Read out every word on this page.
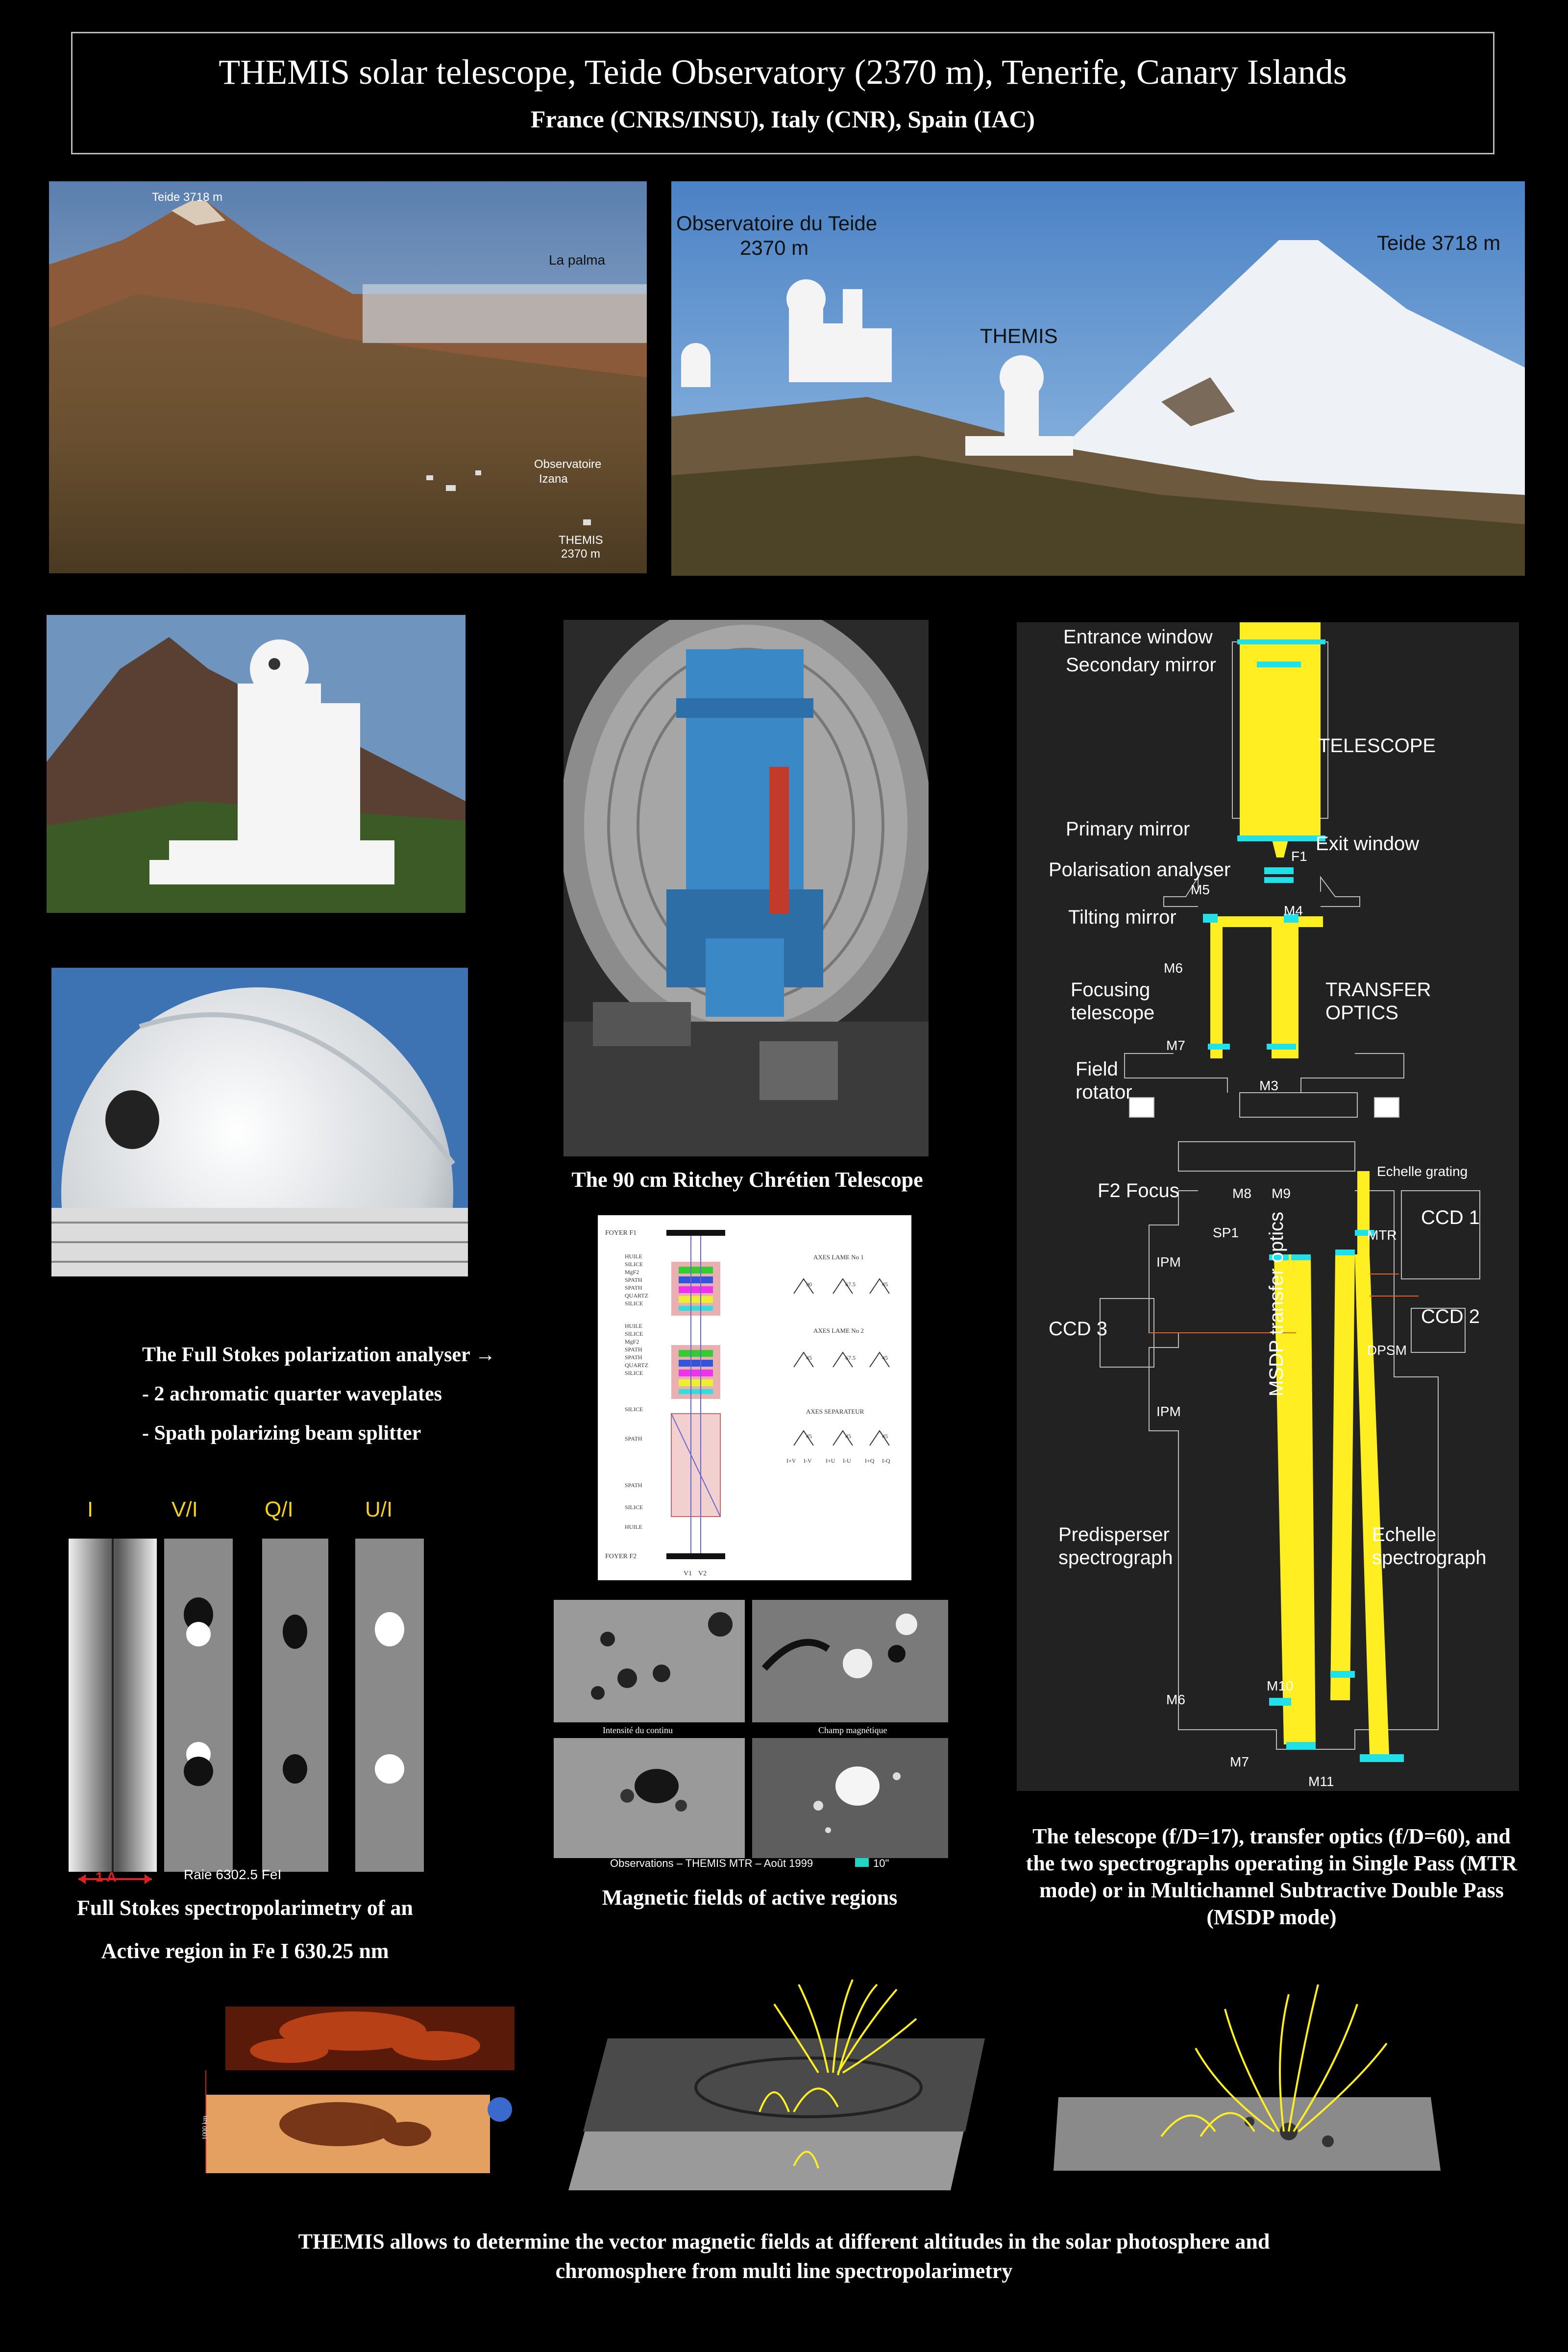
THEMIS solar telescope, Teide Observatory (2370 m), Tenerife, Canary Islands
France (CNRS/INSU), Italy (CNR), Spain (IAC)
Teide 3718 m
La palma
Observatoire
Izana
THEMIS
2370 m
Observatoire du Teide
2370 m
THEMIS
Teide 3718 m
The 90 cm Ritchey Chrétien Telescope
The Full Stokes polarization analyser →
- 2 achromatic quarter waveplates
- Spath polarizing beam splitter
FOYER F1
FOYER F2
V1 V2
HUILE
SILICE
MgF2
SPATH
SPATH
QUARTZ
SILICE
HUILE
SILICE
MgF2
SPATH
SPATH
QUARTZ
SILICE
SILICE
SPATH
SPATH
SILICE
HUILE
AXES LAME No 1
AXES LAME No 2
AXES SEPARATEUR
90	67.5	45
45	67.5	45
45	45	45
I+V I-V I+U I-U I+Q I-Q
I	V/I	Q/I	U/I
1 A	Raie 6302.5 FeI
Full Stokes spectropolarimetry of an
Active region in Fe I 630.25 nm
Intensité du continu	Champ magnétique
Observations – THEMIS MTR – Août 1999	10"
Magnetic fields of active regions
Entrance window
Secondary mirror
TELESCOPE
Primary mirror
Exit window
F1
Polarisation analyser
M5
M4
Tilting mirror
M6
Focusing
telescope
TRANSFER
OPTICS
M7
M3
Field
rotator
Echelle grating
F2 Focus	M8 M9
CCD 1
SP1	MTR
IPM
CCD 2
CCD 3	MSDP transfer optics	DPSM
IPM
Predisperser
spectrograph
Echelle
spectrograph
M10
M6
M7
M11
The telescope (f/D=17), transfer optics (f/D=60), and the two spectrographs operating in Single Pass (MTR mode) or in Multichannel Subtractive Double Pass (MSDP mode)
1000 km
THEMIS allows to determine the vector magnetic fields at different altitudes in the solar photosphere and
chromosphere from multi line spectropolarimetry
